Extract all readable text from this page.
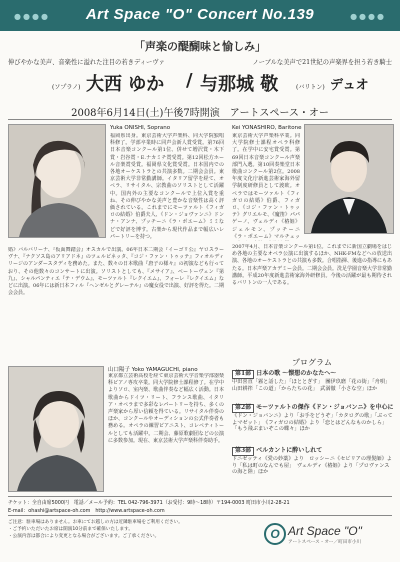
●●●●	Art Space "O" Concert No.139	●●●●
「声楽の醍醐味と愉しみ」
伸びやかな美声、音楽性に溢れた注目の若きディーヴァ	ノーブルな美声で21世紀の声楽界を担う若き騎士
(ソプラノ) 大西 ゆか / 与那城 敬	(バリトン) デュオ
2008年6月14日(土)午後7時開演　アートスペース・オー
Yuka ONISHI, Soprano
福岡県出身。東京芸術大学声楽科、同大学院独唱科修了。学部卒業時に同声会新人賞受賞。第76回日本音楽コンクール第1位、併せて増沢賞・木下賞・岩谷賞・E.ナカミチ賞受賞。第12回松方ホール音楽賞受賞。福岡県文化賞受賞。日本国内での各地オーケストラとの共演多数。二期会会員。東京芸術大学非常勤講師。イタリア留学を経て、オペラ、リサイタル、宗教曲のソリストとして活躍中。国内外の主要なコンクールで上位入賞を重ね、その伸びやかな美声と豊かな音楽性は高く評価されている。これまでにモーツァルト《フィガロの結婚》伯爵夫人、《ドン・ジョヴァンニ》ドンナ・アンナ、プッチーニ《ラ・ボエーム》ミミなどで好評を博す。古楽から現代作品まで幅広いレパートリーを持つ。
婚》バルバリーナ、『仮面舞踏会』オスカルで出演。06年日本二期会『イーゴリ公』ヤロスラーヴナ、『ナクソス島のアリアドネ』のツェルビネッタ、『コジ・ファン・トゥッテ』フィオルディリージのアンダースタディを務めた。また、数々の日本歌曲『唐子の様々』の初演なども行っており、その他数々のコンサートに出演。ソリストとしても、『メサイア』、ベートーヴェン『第九』、シャルパンティエ『テ・デウム』、モーツァルト『レクイエム』、フォーレ『レクイエム』などに出演。06年には新日本フィル『ヘンゼルとグレーテル』の魔女役で出演、好評を得た。二期会会員。
山口陽子 Yoko YAMAGUCHI, piano
東京都立芸術高校を経て東京芸術大学音楽学部器楽科ピアノ専攻卒業。同大学院修士課程修了。在学中よりソロ、室内楽、歌曲伴奏など幅広く活動。日本歌曲からドイツ・リート、フランス歌曲、イタリア・オペラまで多彩なレパートリーを持ち、多くの声楽家から厚い信頼を得ている。リサイタル伴奏のほか、コンクールやオーディションの公式伴奏者も務める。オペラの練習ピアニスト、コレペティトールとしても活躍中。二期会、藤原歌劇団などの公演に多数参加。現在、東京芸術大学声楽科伴奏助手。
Kei YONASHIRO, Baritone
東京芸術大学声楽科卒業。同大学院修士課程オペラ科修了。在学中に安宅賞受賞。第69回日本音楽コンクール声楽部門入選。第10回奏楽堂日本歌曲コンクール第2位。2008年度文化庁新進芸術家海外留学制度研修員として渡欧。オペラではモーツァルト《フィガロの結婚》伯爵、フィガロ、《コジ・ファン・トゥッテ》グリエルモ、《魔笛》パパゲーノ、ヴェルディ《椿姫》ジェルモン、プッチーニ《ラ・ボエーム》マルチェッ
2007年4月、日本音楽コンクール第1位。これまでに新国立劇場をはじめ各地の主要なオペラ公演に出演するほか、NHK-FMなどへの放送出演、各地のオーケストラとの共演も多数。合唱指揮、後進の指導にもあたる。日本声楽アカデミー会員。二期会会員。洗足学園音楽大学非常勤講師。平成20年度新進芸術家海外研修員。今後の活躍が最も期待されるバリトンの一人である。
プログラム
第1部 日本の歌 ～懐想のかなたへ～
中田喜直「霧と話した」「ほととぎす」　團伊玖磨「花の街」「舟唄」　山田耕筰「この道」「からたちの花」　武満徹「小さな空」ほか
第2部 モーツァルトの傑作《ドン・ジョバンニ》を中心に
《ドン・ジョバンニ》より「お手をどうぞ」「カタログの歌」「ぶってよマゼット」　《フィガロの結婚》より「恋とはどんなものかしら」「もう飛ぶまいぞこの蝶々」ほか
第3部 ベルカントに酔いしれて
ドニゼッティ《愛の妙薬》より　ロッシーニ《セビリアの理髪師》より「私は町のなんでも屋」　ヴェルディ《椿姫》より「プロヴァンスの海と陸」ほか
チケット：全自由席5000円　電話／メール予約：TEL 042-796-3971（お受付：9時～18時）〒194-0003 町田市小川2-28-21
E-mail：ohashi@artspace-oh.com　http://www.artspace-oh.com
ご注意：駐車場はありません。お車にてお越しの方は近隣駐車場をご利用ください。
・ご予約いただいたお席は開演10分前まで確保いたします。
・公演内容は都合により変更となる場合がございます。ご了承ください。	O Art Space "O"
アートスペース・オー／町田市小川
